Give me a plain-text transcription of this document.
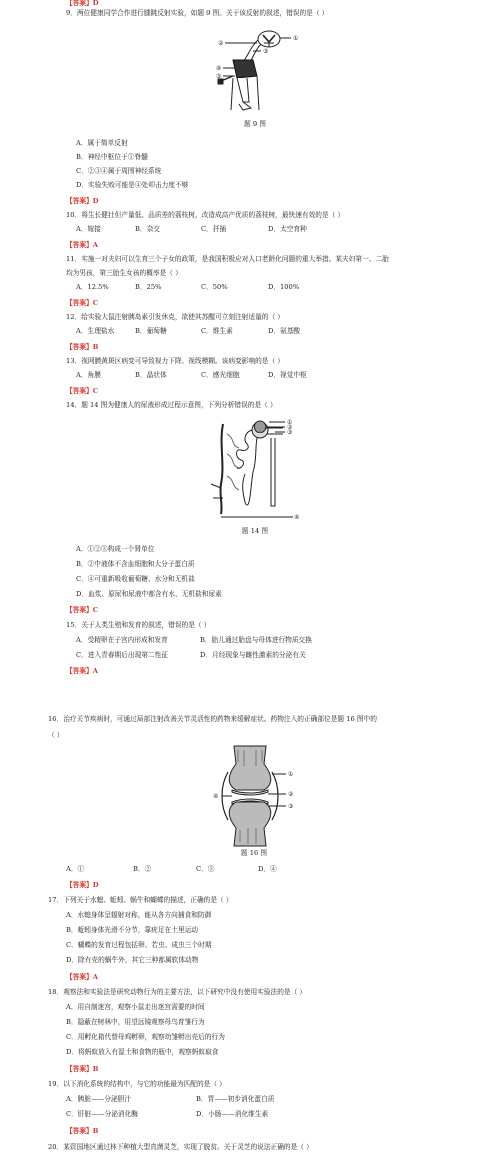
【答案】D
9．两位健康同学合作进行膝跳反射实验，如题 9 图。关于该反射的叙述，错误的是（ ）
②
①
③
④
⑤
题 9 图
A．属于简单反射
B．神经中枢位于①脊髓
C．②③④属于周围神经系统
D．实验失败可能是④处叩击力度不够
【答案】D
10．将生长健壮但产量低、品质差的荔枝树，改造成高产优质的荔枝树，最快速有效的是（ ）
A．嫁接	B．杂交	C．扦插	D．太空育种
【答案】A
11．实施一对夫妇可以生育三个子女的政策，是我国积极应对人口老龄化问题的重大举措。某夫妇第一、二胎
均为男孩，第三胎生女孩的概率是（ ）
A．12.5%	B．25%	C．50%	D．100%
【答案】C
12．给实验大鼠注射胰岛素引发休克，欲使其苏醒可立刻注射适量的（ ）
A．生理盐水	B．葡萄糖	C．维生素	D．氨基酸
【答案】B
13．视网膜黄斑区病变可导致视力下降、视线模糊。该病变影响的是（ ）
A．角膜	B．晶状体	C．感光细胞	D．视觉中枢
【答案】C
14．题 14 图为健康人的尿液形成过程示意图，下列分析错误的是（ ）
①
②
③
④
题 14 图
A．①②③构成一个肾单位
B．②中液体不含血细胞和大分子蛋白质
C．④可重新吸收葡萄糖、水分和无机盐
D．血浆、原尿和尿液中都含有水、无机盐和尿素
【答案】C
15．关于人类生殖和发育的叙述，错误的是（ ）
A．受精卵在子宫内形成和发育	B．胎儿通过胎盘与母体进行物质交换
C．进入青春期后出现第二性征	D．月经现象与雌性激素的分泌有关
【答案】A
16．治疗关节疾病时，可通过局部注射改善关节灵活性的药物来缓解症状。药物注入的正确部位是题 16 图中的
（ ）
①
④	②
③
题 16 图
A．①	B．②	C．③	D．④
【答案】D
17．下列关于水螅、蚯蚓、蜗牛和蝴蝶的描述，正确的是（ ）
A．水螅身体呈辐射对称，能从各方向捕食和防御
B．蚯蚓身体光滑不分节，靠疣足在土里运动
C．蝴蝶的发育过程包括卵、若虫、成虫三个时期
D．除有壳的蜗牛外，其它三种都属软体动物
【答案】A
18．观察法和实验法是研究动物行为的主要方法，以下研究中没有使用实验法的是（ ）
A．用自制迷宫，观察小鼠走出迷宫需要的时间
B．隐蔽在树林中，用望远镜观察母鸟育雏行为
C．用孵化箱代替母鸡孵卵，观察幼雏孵出壳后的行为
D．将蚂蚁放入有湿土和食物的瓶中，观察蚂蚁取食
【答案】B
19．以下消化系统的结构中，与它的功能最为匹配的是（ ）
A．胰脏——分泌胆汁	B．胃——初步消化蛋白质
C．肝脏——分泌消化酶	D．小肠——消化维生素
【答案】B
20．某资国地区通过林下种植大型真菌灵芝，实现了脱贫。关于灵芝的说法正确的是（ ）
